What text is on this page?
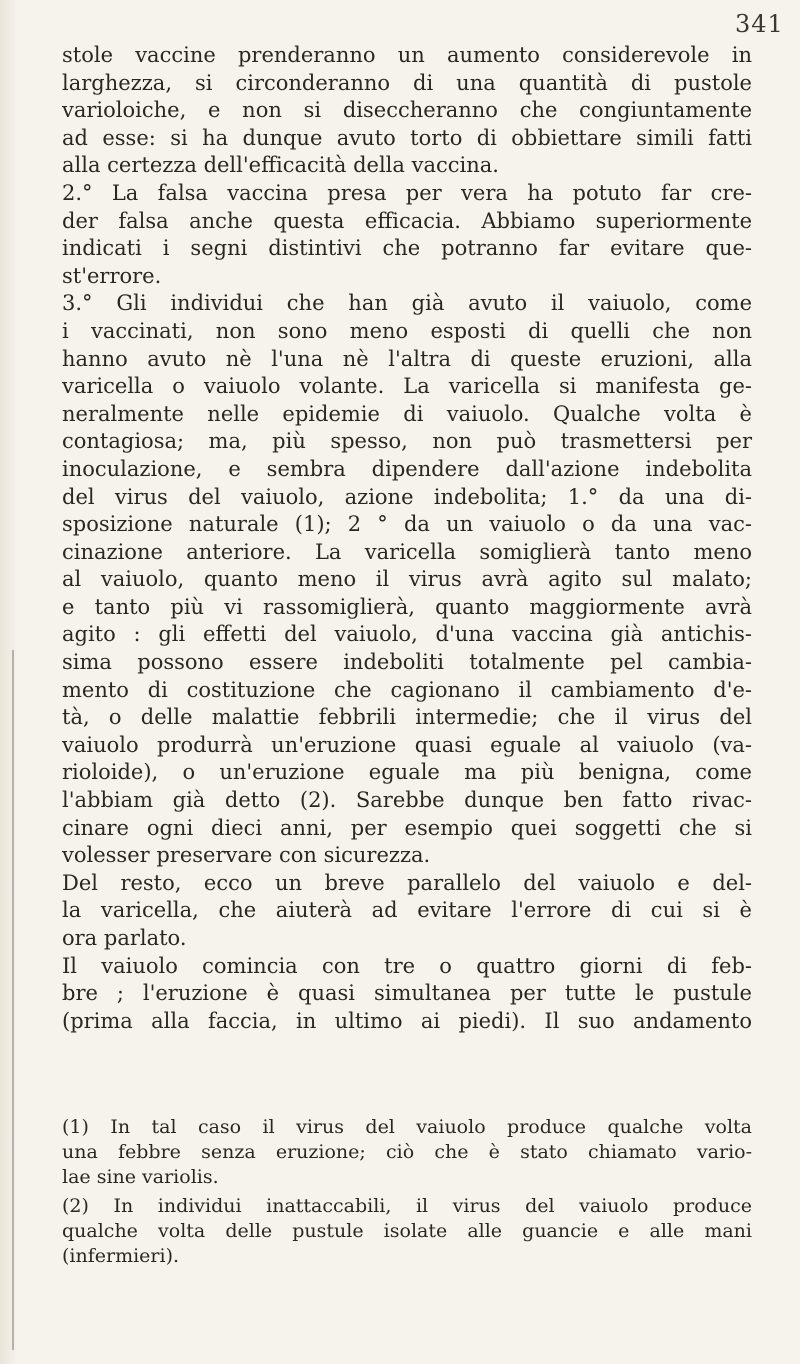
341
stole vaccine prenderanno un aumento considerevole in
larghezza, si circonderanno di una quantità di pustole
varioloiche, e non si diseccheranno che congiuntamente
ad esse: si ha dunque avuto torto di obbiettare simili fatti
alla certezza dell'efficacità della vaccina.
2.° La falsa vaccina presa per vera ha potuto far cre-
der falsa anche questa efficacia. Abbiamo superiormente
indicati i segni distintivi che potranno far evitare que-
st'errore.
3.° Gli individui che han già avuto il vaiuolo, come
i vaccinati, non sono meno esposti di quelli che non
hanno avuto nè l'una nè l'altra di queste eruzioni, alla
varicella o vaiuolo volante. La varicella si manifesta ge-
neralmente nelle epidemie di vaiuolo. Qualche volta è
contagiosa; ma, più spesso, non può trasmettersi per
inoculazione, e sembra dipendere dall'azione indebolita
del virus del vaiuolo, azione indebolita; 1.° da una di-
sposizione naturale (1); 2 ° da un vaiuolo o da una vac-
cinazione anteriore. La varicella somiglierà tanto meno
al vaiuolo, quanto meno il virus avrà agito sul malato;
e tanto più vi rassomiglierà, quanto maggiormente avrà
agito : gli effetti del vaiuolo, d'una vaccina già antichis-
sima possono essere indeboliti totalmente pel cambia-
mento di costituzione che cagionano il cambiamento d'e-
tà, o delle malattie febbrili intermedie; che il virus del
vaiuolo produrrà un'eruzione quasi eguale al vaiuolo (va-
rioloide), o un'eruzione eguale ma più benigna, come
l'abbiam già detto (2). Sarebbe dunque ben fatto rivac-
cinare ogni dieci anni, per esempio quei soggetti che si
volesser preservare con sicurezza.
Del resto, ecco un breve parallelo del vaiuolo e del-
la varicella, che aiuterà ad evitare l'errore di cui si è
ora parlato.
Il vaiuolo comincia con tre o quattro giorni di feb-
bre ; l'eruzione è quasi simultanea per tutte le pustule
(prima alla faccia, in ultimo ai piedi). Il suo andamento
(1) In tal caso il virus del vaiuolo produce qualche volta
una febbre senza eruzione; ciò che è stato chiamato vario-
lae sine variolis.
(2) In individui inattaccabili, il virus del vaiuolo produce
qualche volta delle pustule isolate alle guancie e alle mani
(infermieri).
